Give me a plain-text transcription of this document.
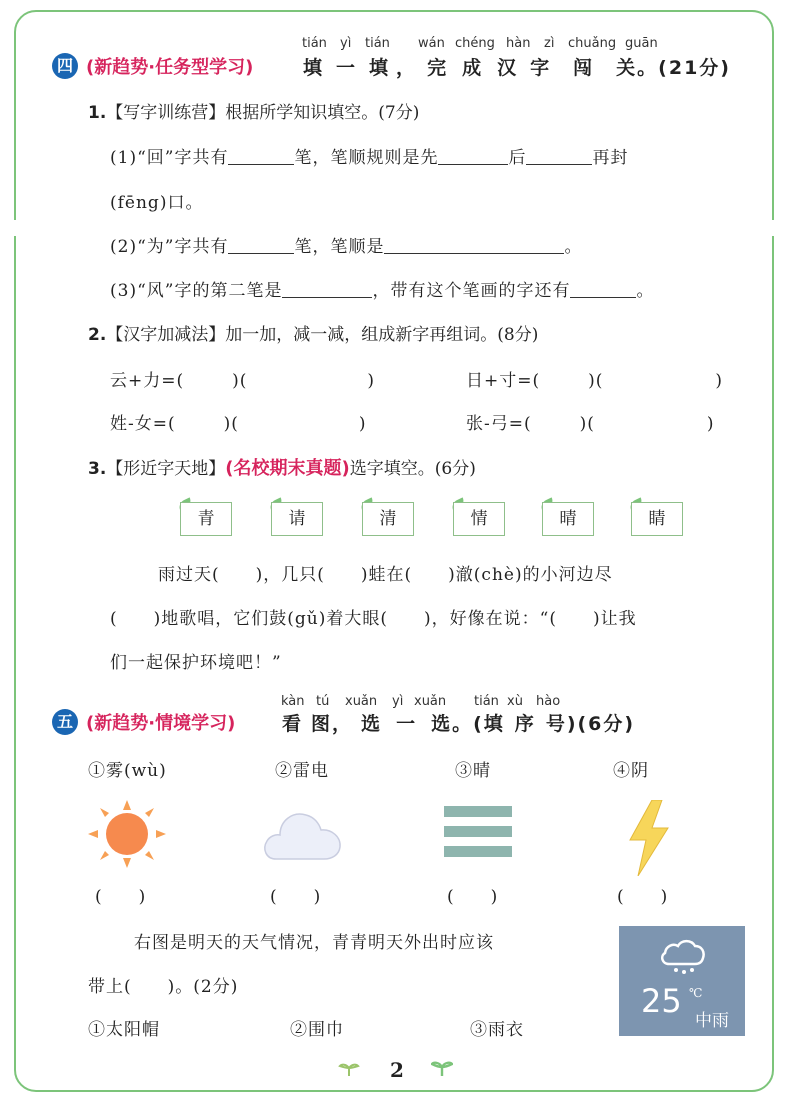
tián yì tián wán chéng hàn zì chuǎng guān
四 (新趋势·任务型学习)	填 一 填 ， 完 成 汉 字 闯 关。(21分)
1.【写字训练营】根据所学知识填空。(7分)
(1)“回”字共有	笔，笔顺规则是先	后	再封
(fēng)口。
(2)“为”字共有	笔，笔顺是	。
(3)“风”字的第二笔是	，带有这个笔画的字还有	。
2.【汉字加减法】加一加，减一减，组成新字再组词。(8分)
云+力=(	)(	)	日+寸=(	)(	)
姓-女=(	)(	)	张-弓=(	)(	)
3.【形近字天地】(名校期末真题)选字填空。(6分)
青	请	清	情	晴	睛
雨过天(　　)，几只(　　)蛙在(　　)澈(chè)的小河边尽
(　　)地歌唱，它们鼓(gǔ)着大眼(　　)，好像在说：“(　　)让我
们一起保护环境吧！”
kàn tú xuǎn yì xuǎn tián xù hào
五 (新趋势·情境学习) 看 图， 选 一 选。(填 序 号)(6分)
①雾(wù)	②雷电	③晴	④阴
(　　)	(　　)	(　　)	(　　)
右图是明天的天气情况，青青明天外出时应该
带上(　　)。(2分)
①太阳帽	②围巾	③雨衣
25 ℃
中雨
2
